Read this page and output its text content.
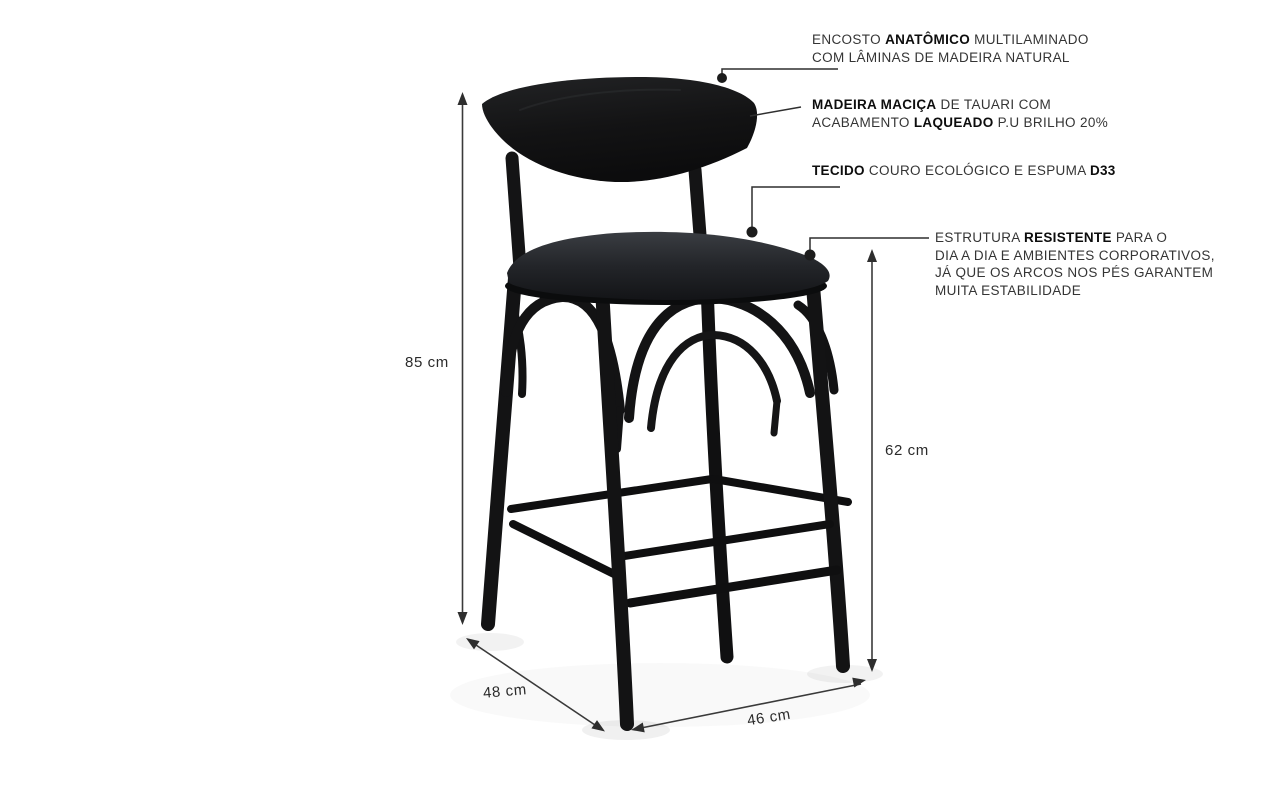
ENCOSTO ANATÔMICO MULTILAMINADO
COM LÂMINAS DE MADEIRA NATURAL
MADEIRA MACIÇA DE TAUARI COM
ACABAMENTO LAQUEADO P.U BRILHO 20%
TECIDO COURO ECOLÓGICO E ESPUMA D33
ESTRUTURA RESISTENTE PARA O
DIA A DIA E AMBIENTES CORPORATIVOS,
JÁ QUE OS ARCOS NOS PÉS GARANTEM
MUITA ESTABILIDADE
85 cm
62 cm
48 cm
46 cm
